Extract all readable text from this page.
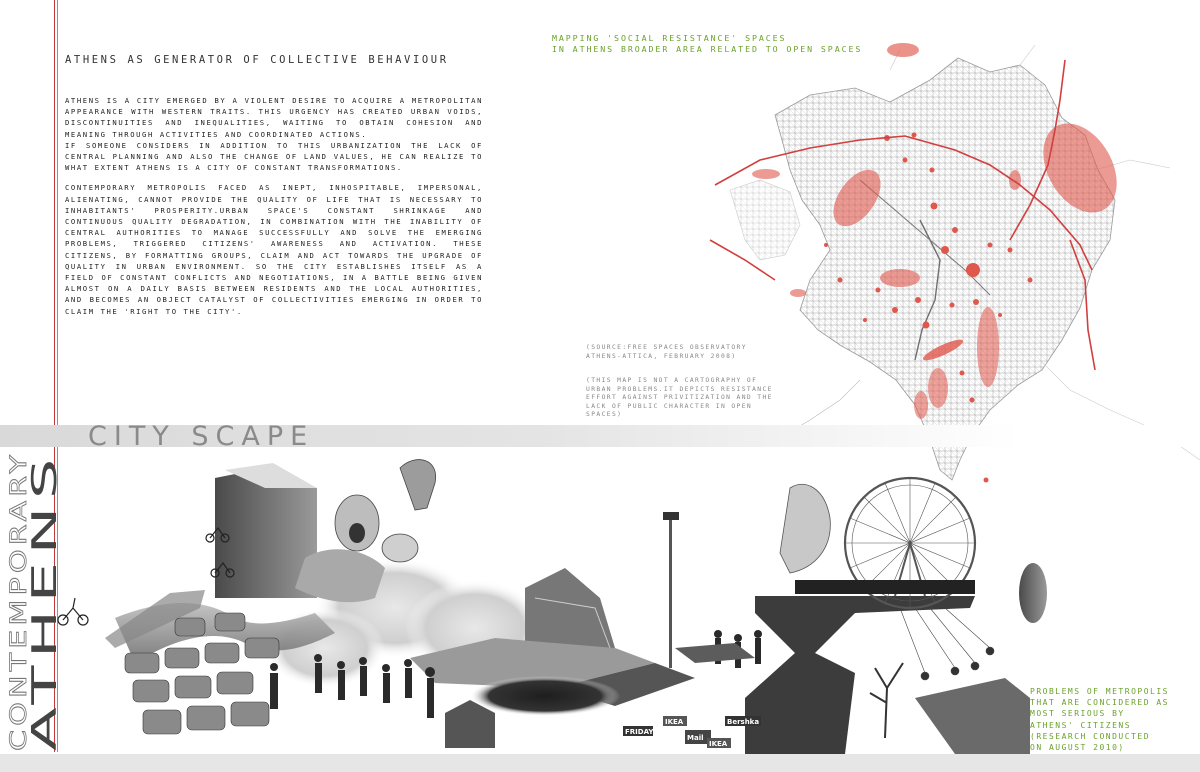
ATHENS AS GENERATOR OF COLLECTIVE BEHAVIOUR

ATHENS IS A CITY EMERGED BY A VIOLENT DESIRE TO ACQUIRE A METROPOLITAN APPEARANCE WITH WESTERN TRAITS. THIS URGENCY HAS CREATED URBAN VOIDS, DISCONTINUITIES AND INEQUALITIES, WAITING TO OBTAIN COHESION AND MEANING THROUGH ACTIVITIES AND COORDINATED ACTIONS.

IF SOMEONE CONSIDERS IN ADDITION TO THIS URBANIZATION THE LACK OF CENTRAL PLANNING AND ALSO THE CHANGE OF LAND VALUES, HE CAN REALIZE TO WHAT EXTENT ATHENS IS A CITY OF CONSTANT TRANSFORMATIONS.

CONTEMPORARY METROPOLIS FACED AS INEPT, INHOSPITABLE, IMPERSONAL, ALIENATING, CANNOT PROVIDE THE QUALITY OF LIFE THAT IS NECESSARY TO INHABITANTS' PROSPERITY.URBAN SPACE'S CONSTANT SHRINKAGE AND CONTINUOUS QUALITY DEGRADATION, IN COMBINATION WITH THE INABILITY OF CENTRAL AUTHORITIES TO MANAGE SUCCESSFULLY AND SOLVE THE EMERGING PROBLEMS, TRIGGERED CITIZENS' AWARENESS AND ACTIVATION. THESE CITIZENS, BY FORMATTING GROUPS, CLAIM AND ACT TOWARDS THE UPGRADE OF QUALITY IN URBAN ENVIRONMENT. SO THE CITY ESTABLISHES ITSELF AS A FIELD OF CONSTANT CONFLICTS AND NEGOTIATIONS, IN A BATTLE BEING GIVEN ALMOST ON A DAILY BASIS BETWEEN RESIDENTS AND THE LOCAL AUTHORITIES, AND BECOMES AN OBJECT CATALYST OF COLLECTIVITIES EMERGING IN ORDER TO CLAIM THE 'RIGHT TO THE CITY'.

MAPPING 'SOCIAL RESISTANCE' SPACES
IN ATHENS BROADER AREA RELATED TO OPEN SPACES
(SOURCE:FREE SPACES OBSERVATORY ATHENS-ATTICA, FEBRUARY 2008)
(THIS MAP IS NOT A CARTOGRAPHY OF URBAN PROBLEMS.IT DEPICTS RESISTANCE EFFORT AGAINST PRIVITIZATION AND THE LACK OF PUBLIC CHARACTER IN OPEN SPACES)
CITY SCAPE
CONTEMPORARY
ATHENS	FRIDAY
IKEA
Mail
IKEA
Bershka
PROBLEMS OF METROPOLIS
THAT ARE CONCIDERED AS
MOST SERIOUS BY
ATHENS' CITIZENS
(RESEARCH CONDUCTED
ON AUGUST 2010)
